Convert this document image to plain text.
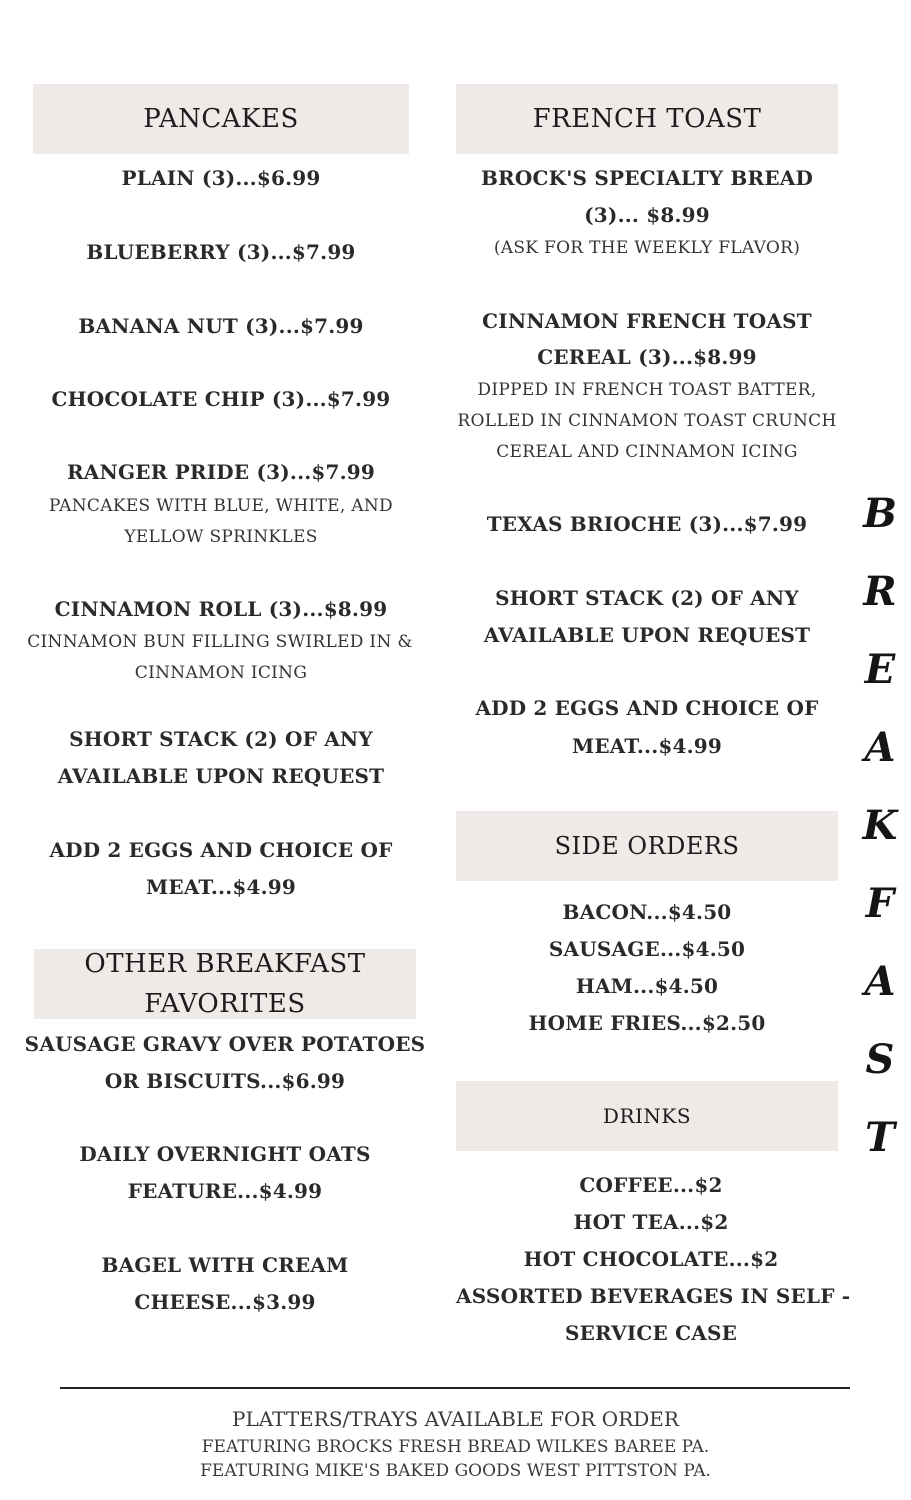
PANCAKES
PLAIN (3)...$6.99
BLUEBERRY (3)...$7.99
BANANA NUT (3)...$7.99
CHOCOLATE CHIP (3)...$7.99
RANGER PRIDE (3)...$7.99
PANCAKES WITH BLUE, WHITE, AND
YELLOW SPRINKLES
CINNAMON ROLL (3)...$8.99
CINNAMON BUN FILLING SWIRLED IN &
CINNAMON ICING
SHORT STACK (2) OF ANY
AVAILABLE UPON REQUEST
ADD 2 EGGS AND CHOICE OF
MEAT...$4.99
OTHER BREAKFAST
FAVORITES
SAUSAGE GRAVY OVER POTATOES
OR BISCUITS...$6.99
DAILY OVERNIGHT OATS
FEATURE...$4.99
BAGEL WITH CREAM
CHEESE...$3.99
FRENCH TOAST
BROCK'S SPECIALTY BREAD
(3)... $8.99
(ASK FOR THE WEEKLY FLAVOR)
CINNAMON FRENCH TOAST
CEREAL (3)...$8.99
DIPPED IN FRENCH TOAST BATTER,
ROLLED IN CINNAMON TOAST CRUNCH
CEREAL AND CINNAMON ICING
TEXAS BRIOCHE (3)...$7.99
SHORT STACK (2) OF ANY
AVAILABLE UPON REQUEST
ADD 2 EGGS AND CHOICE OF
MEAT...$4.99
SIDE ORDERS
BACON...$4.50
SAUSAGE...$4.50
HAM...$4.50
HOME FRIES...$2.50
DRINKS
COFFEE...$2
HOT TEA...$2
HOT CHOCOLATE...$2
ASSORTED BEVERAGES IN SELF -
SERVICE CASE
B
R
E
A
K
F
A
S
T
PLATTERS/TRAYS AVAILABLE FOR ORDER
FEATURING BROCKS FRESH BREAD WILKES BAREE PA.
FEATURING MIKE'S BAKED GOODS WEST PITTSTON PA.
